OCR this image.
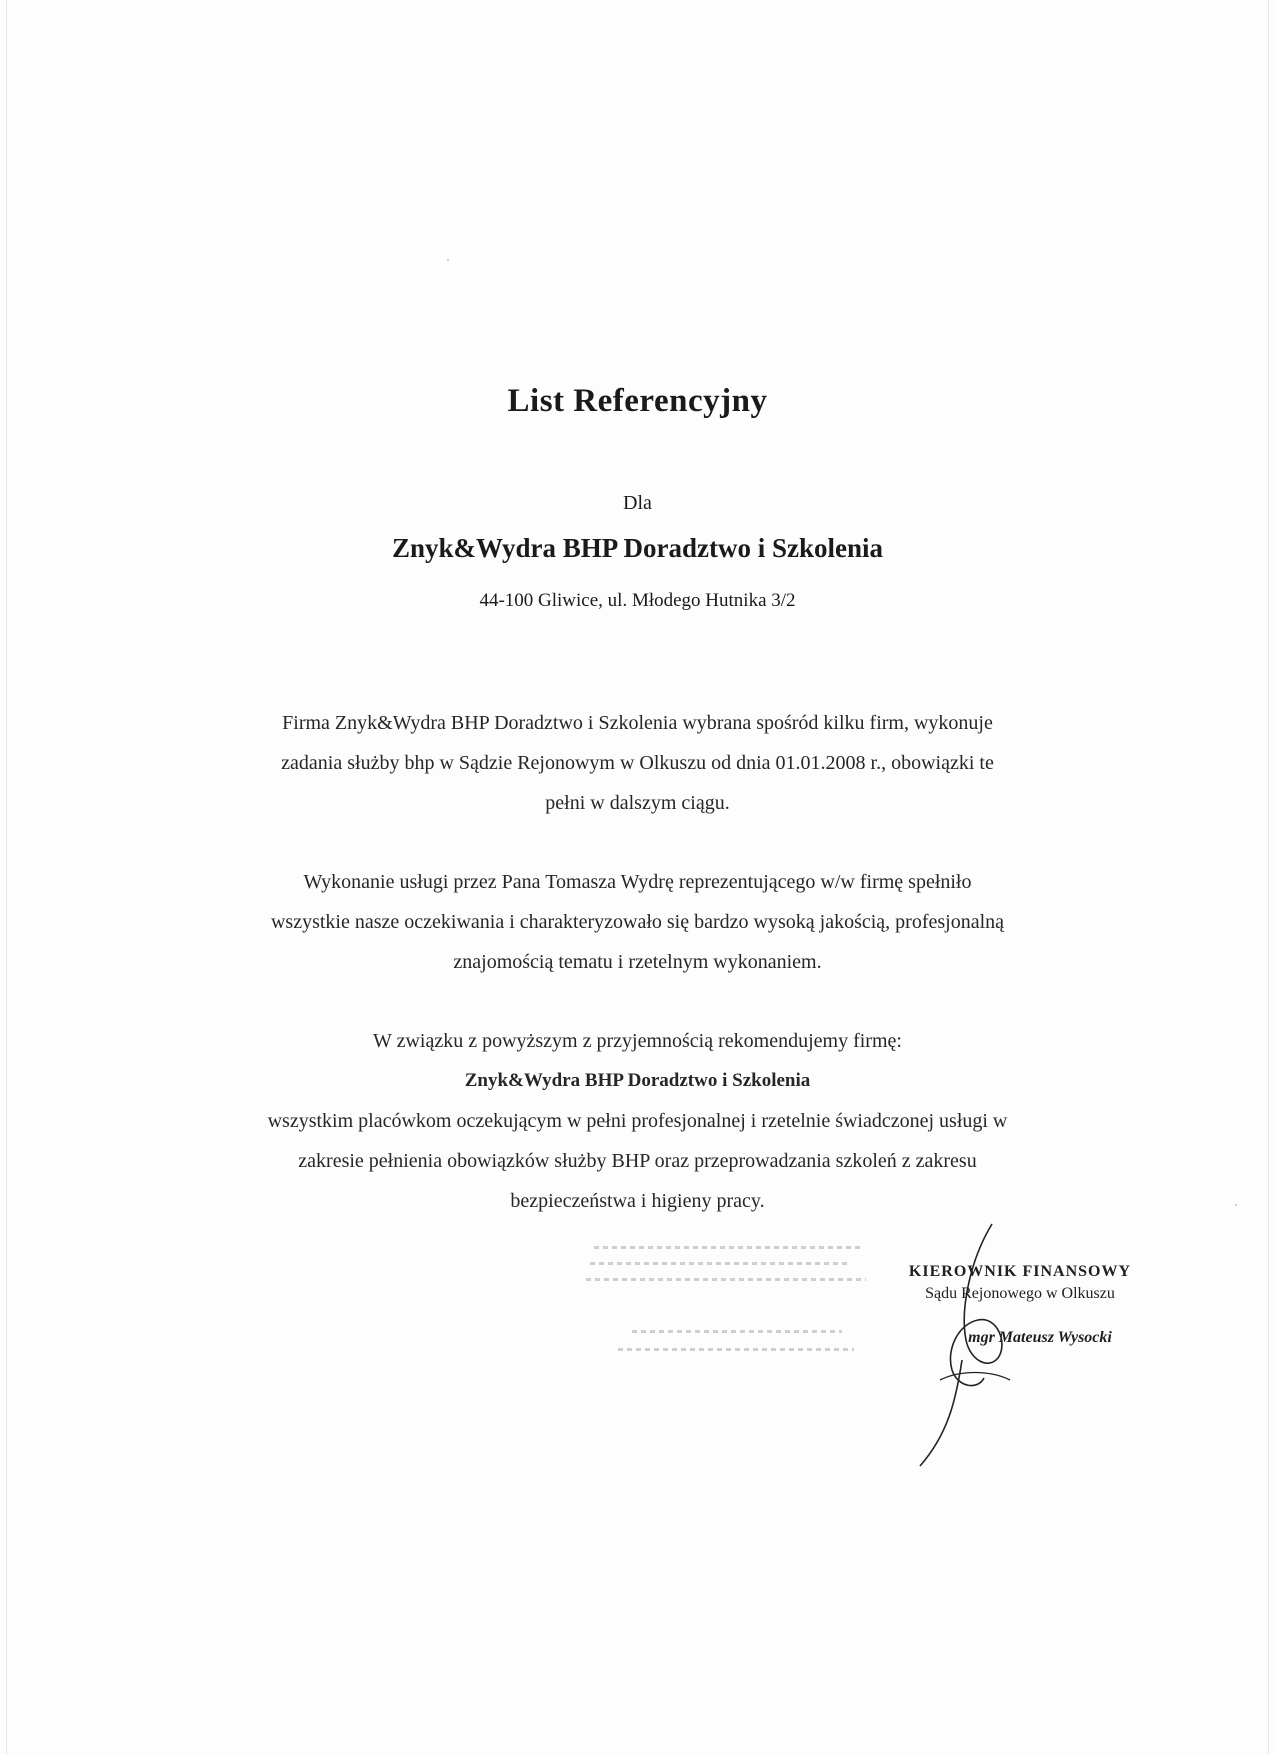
List Referencyjny
Dla
Znyk&Wydra BHP Doradztwo i Szkolenia
44-100 Gliwice, ul. Młodego Hutnika 3/2
Firma Znyk&Wydra BHP Doradztwo i Szkolenia wybrana spośród kilku firm, wykonuje
zadania służby bhp w Sądzie Rejonowym w Olkuszu od dnia 01.01.2008 r., obowiązki te
pełni w dalszym ciągu.
Wykonanie usługi przez Pana Tomasza Wydrę reprezentującego w/w firmę spełniło
wszystkie nasze oczekiwania i charakteryzowało się bardzo wysoką jakością, profesjonalną
znajomością tematu i rzetelnym wykonaniem.
W związku z powyższym z przyjemnością rekomendujemy firmę:
Znyk&Wydra BHP Doradztwo i Szkolenia
wszystkim placówkom oczekującym w pełni profesjonalnej i rzetelnie świadczonej usługi w
zakresie pełnienia obowiązków służby BHP oraz przeprowadzania szkoleń z zakresu
bezpieczeństwa i higieny pracy.
KIEROWNIK FINANSOWY
Sądu Rejonowego w Olkuszu
mgr Mateusz Wysocki
